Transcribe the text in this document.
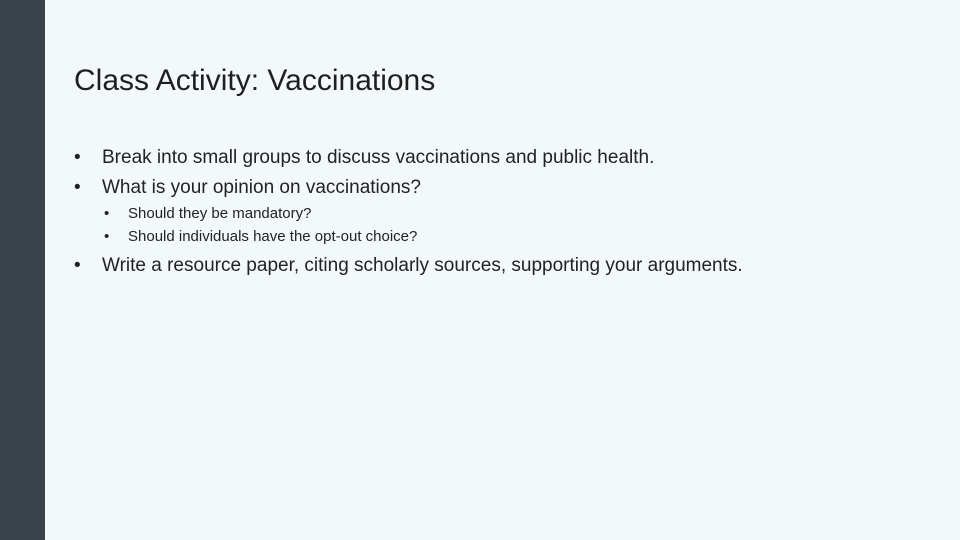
Class Activity: Vaccinations
• Break into small groups to discuss vaccinations and public health.
• What is your opinion on vaccinations?
• Should they be mandatory?
• Should individuals have the opt-out choice?
• Write a resource paper, citing scholarly sources, supporting your arguments.
